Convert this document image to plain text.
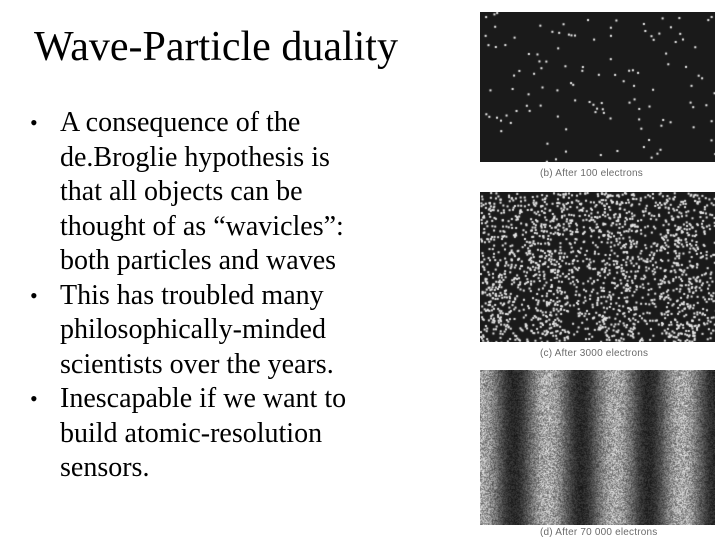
Wave-Particle duality
• A consequence of the
de.Broglie hypothesis is
that all objects can be
thought of as “wavicles”:
both particles and waves
• This has troubled many
philosophically-minded
scientists over the years.
• Inescapable if we want to
build atomic-resolution
sensors.
(b) After 100 electrons
(c) After 3000 electrons
(d) After 70 000 electrons
